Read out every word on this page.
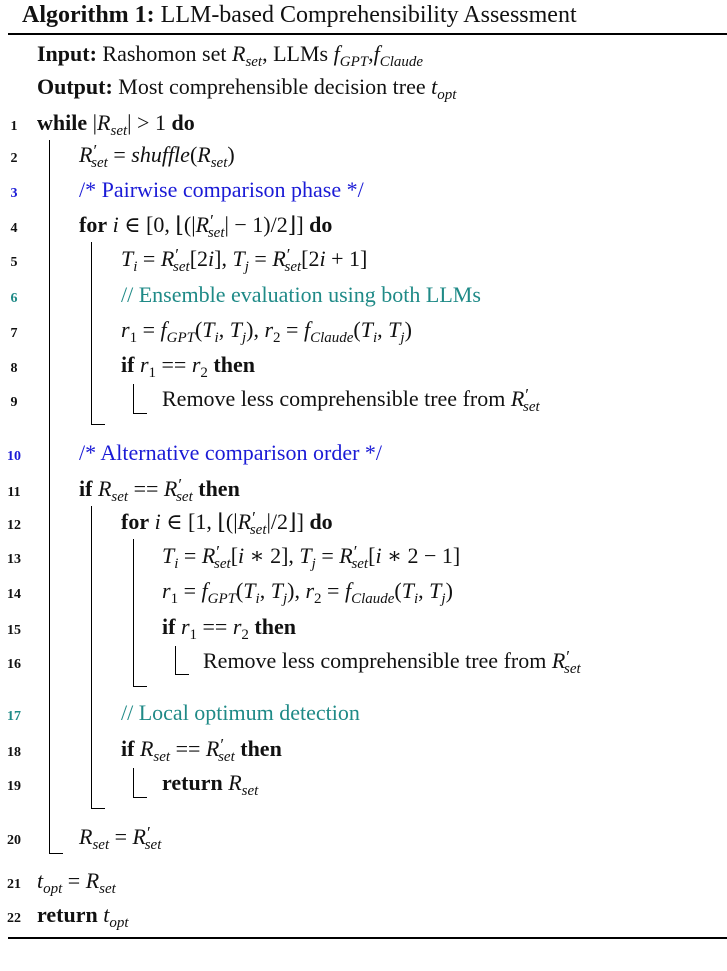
Algorithm 1: LLM-based Comprehensibility Assessment
Input: Rashomon set $R_{set}$, LLMs $f_{GPT},f_{Claude}$
Output: Most comprehensible decision tree $t_{opt}$
1 while $|R_{set}| > 1$ do
2	$R'_{set}$ = $shuffle(R_{set})$
3	/* Pairwise comparison phase */
4	for i ∈ [0, $⌊(|R'_{set}|$ − 1)/2⌋] do
5	$T_i = R'_{set}[2i]$, $T_j = R'_{set}[2i + 1]$
6	// Ensemble evaluation using both LLMs
7	$r_1 = f_{GPT}(T_i$, $T_j$), $r_2 = f_{Claude}(T_i$, $T_j$)
8	if $r_1 == r_2$ then
9	Remove less comprehensible tree from $R'_{set}$
10	/* Alternative comparison order */
11	if $R_{set} == R'_{set}$ then
12	for i ∈ [1, $⌊(|R'_{set}|/2⌋]$ do
13	$T_i = R'_{set}[i$ ∗ 2], $T_j = R'_{set}[i$ ∗ 2 − 1]
14	$r_1 = f_{GPT}(T_i$, $T_j$), $r_2 = f_{Claude}(T_i$, $T_j$)
15	if $r_1 == r_2$ then
16	Remove less comprehensible tree from $R'_{set}$
17	// Local optimum detection
18	if $R_{set} == R'_{set}$ then
19	return $R_{set}$
20	$R_{set} = R'_{set}$
21 $t_{opt} = R_{set}$
22 return $t_{opt}$
